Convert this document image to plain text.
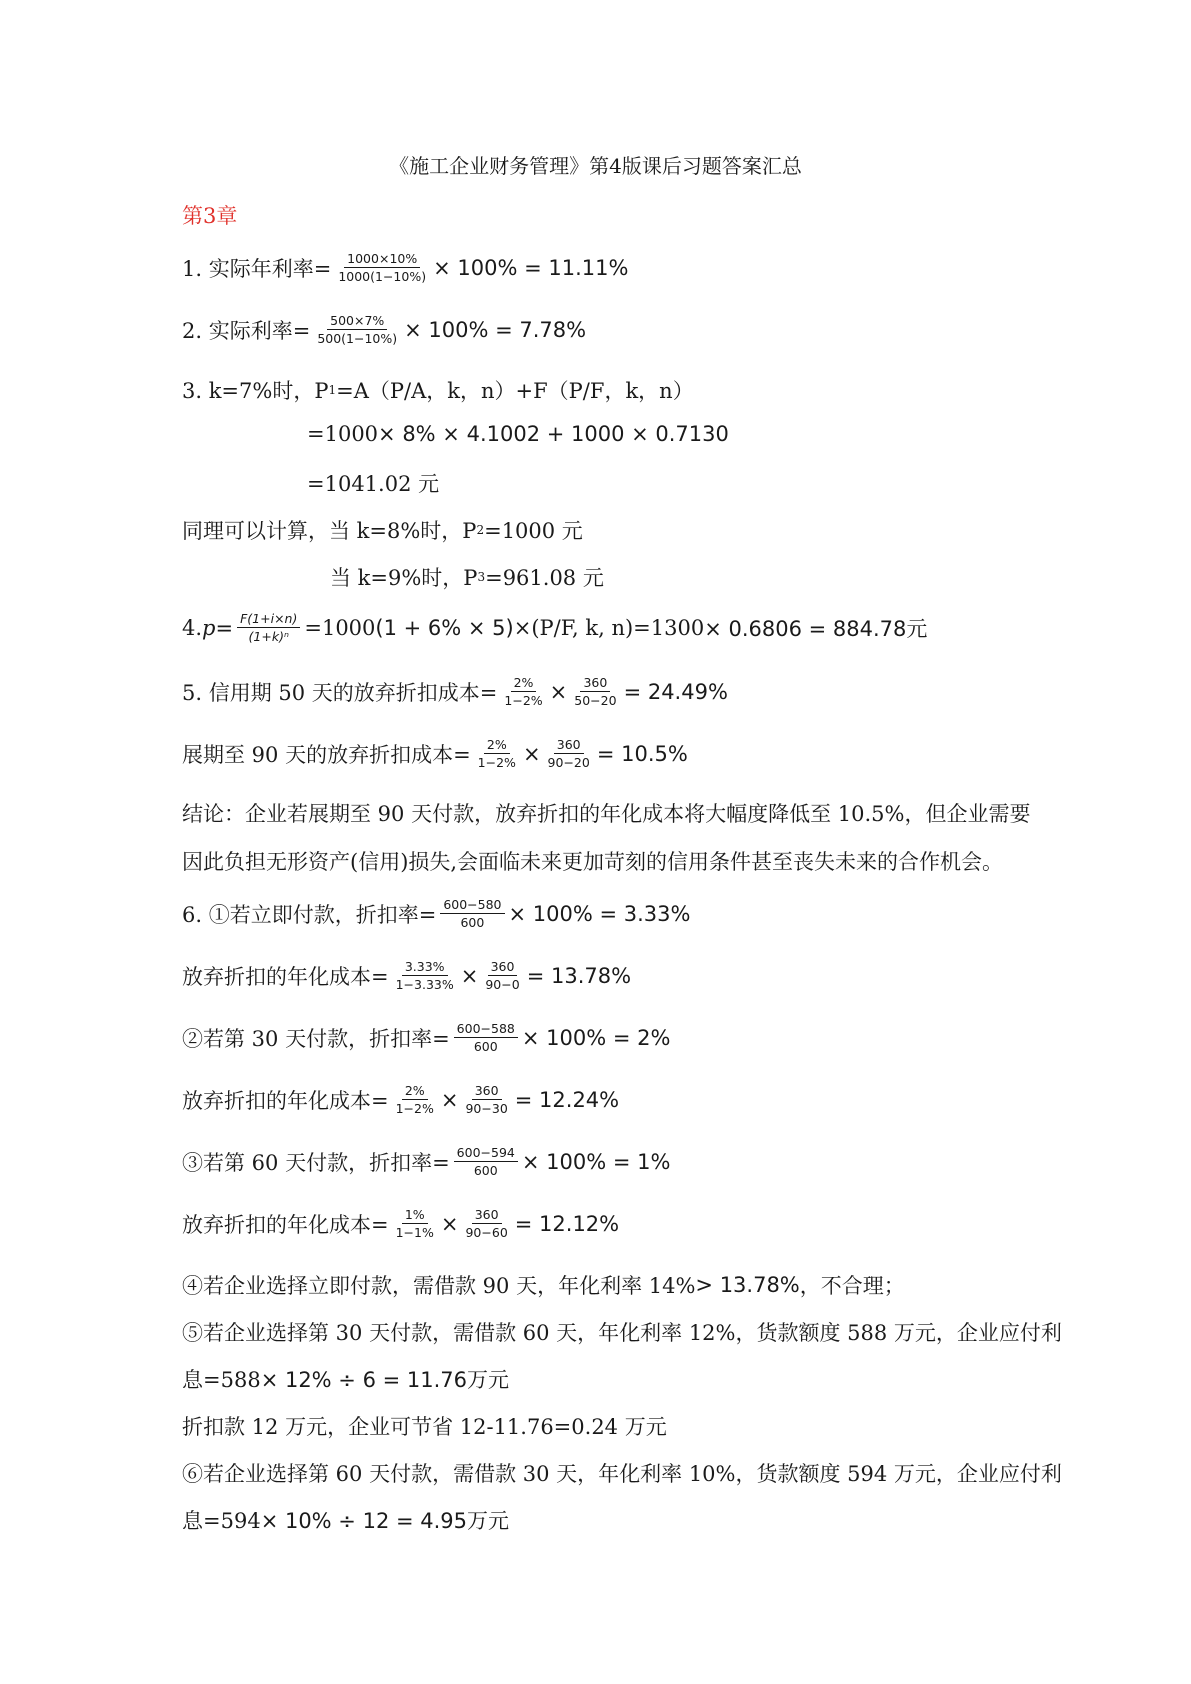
《施工企业财务管理》第4版课后习题答案汇总
第3章
1. 实际年利率= $\frac{1000\times 10\%}{1000(1-10\%)} \times 100\% = 11.11\%$
2. 实际利率= $\frac{500\times 7\%}{500(1-10\%)} \times 100\% = 7.78\%$
3. k=7%时，P 1 =A（P/A，k，n）+F（P/F，k，n）
=1000 × 8% × 4.1002 + 1000 × 0.7130
=1041.02 元
同理可以计算，当 k=8%时，P 2 =1000 元
当 k=9%时，P 3 =961.08 元
4. $p = \frac{F(1+i\times n)}{\text{(1+k)ⁿ}} =1000$ (1 + 6% × 5) ×(P/F, k, n)=1300 × 0.6806 = 884.78元
5. 信用期 50 天的放弃折扣成本= $\frac{2\%}{1-2\%} \times \frac{360}{50-20} = 24.49\%$
展期至 90 天的放弃折扣成本= $\frac{2\%}{1-2\%} \times \frac{360}{90-20} = 10.5\%$
结论：企业若展期至 90 天付款，放弃折扣的年化成本将大幅度降低至 10.5%，但企业需要
因此负担无形资产(信用)损失,会面临未来更加苛刻的信用条件甚至丧失未来的合作机会。
6. ①若立即付款，折扣率= $\frac{600-580}{600} \times 100\% = 3.33\%$
放弃折扣的年化成本= $\frac{3.33\%}{1-3.33\%} \times \frac{360}{90-0} = 13.78\%$
②若第 30 天付款，折扣率= $\frac{600-588}{600} \times 100\% = 2\%$
放弃折扣的年化成本= $\frac{2\%}{1-2\%} \times \frac{360}{90-30} = 12.24\%$
③若第 60 天付款，折扣率= $\frac{600-594}{600} \times 100\% = 1\%$
放弃折扣的年化成本= $\frac{1\%}{1-1\%} \times \frac{360}{90-60} = 12.12\%$
④若企业选择立即付款，需借款 90 天，年化利率 14% > 13.78% ，不合理；
⑤若企业选择第 30 天付款，需借款 60 天，年化利率 12%，货款额度 588 万元，企业应付利
息=588 × 12% ÷ 6 = 11.76万元
折扣款 12 万元，企业可节省 12-11.76=0.24 万元
⑥若企业选择第 60 天付款，需借款 30 天，年化利率 10%，货款额度 594 万元，企业应付利
息=594 × 10% ÷ 12 = 4.95万元
